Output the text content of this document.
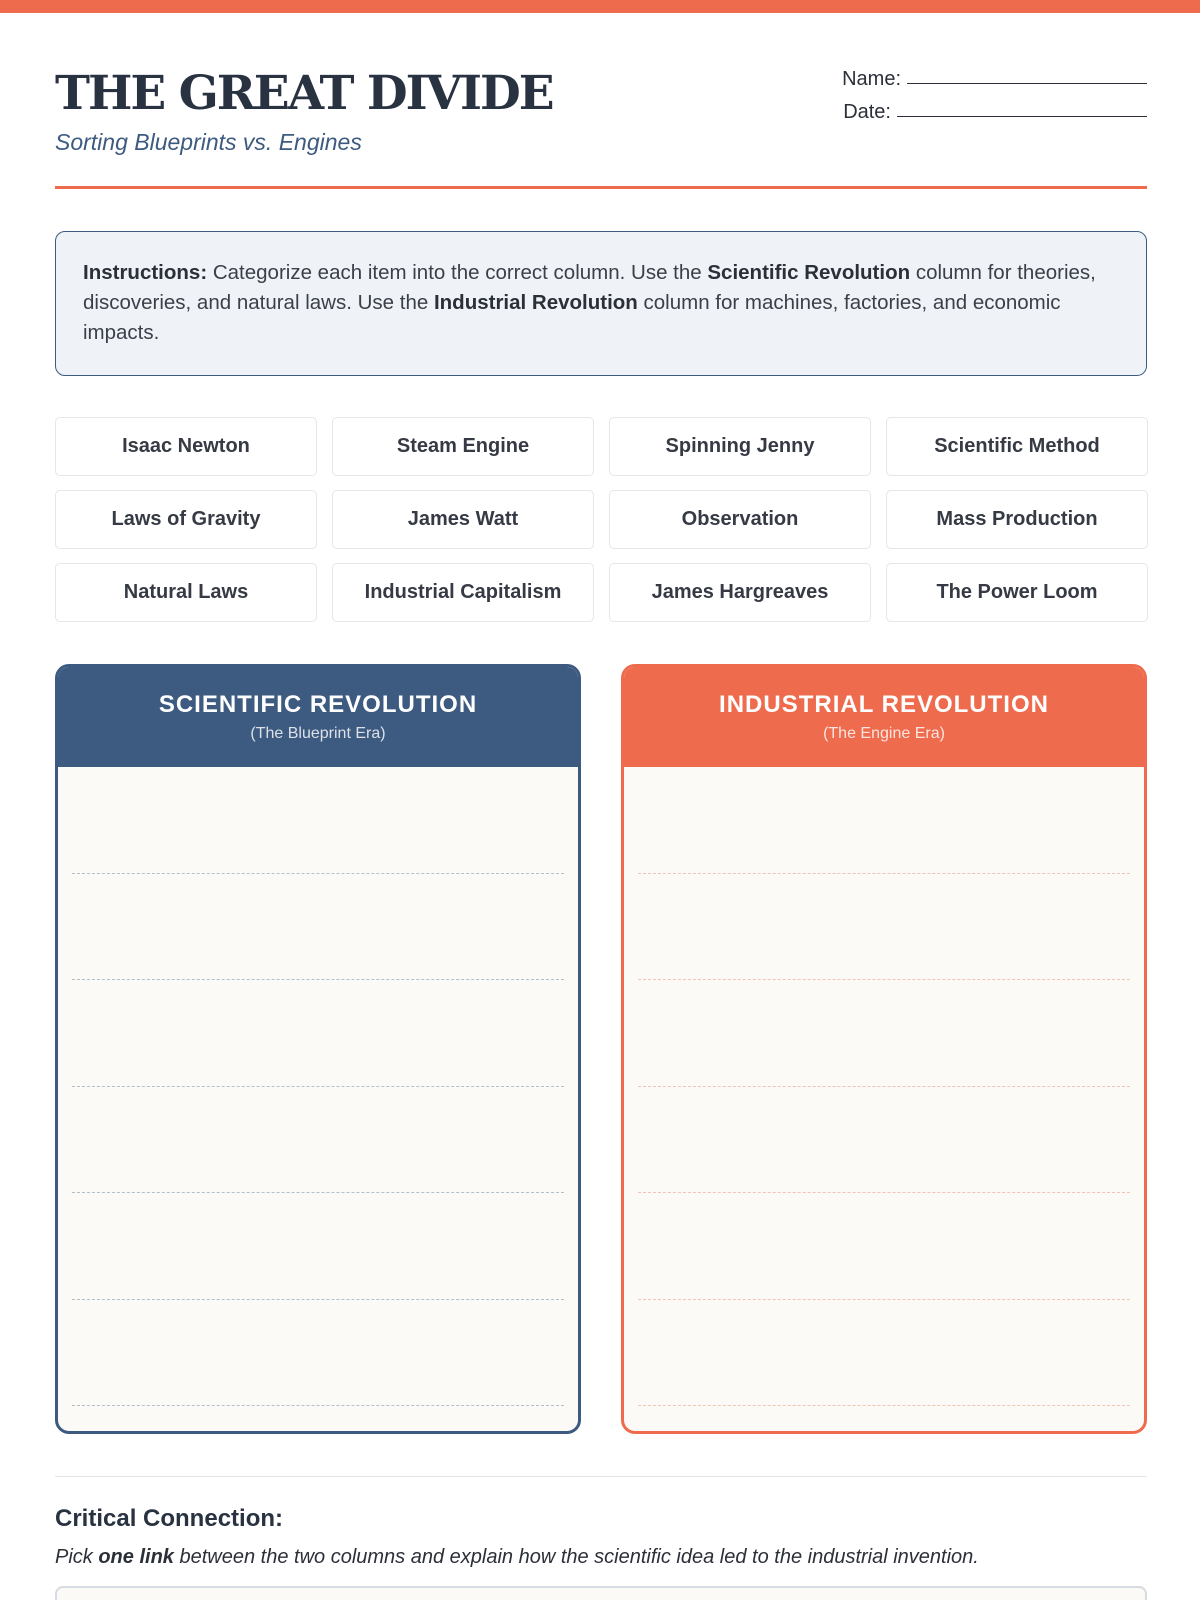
THE GREAT DIVIDE
Sorting Blueprints vs. Engines
Name:
Date:
Instructions: Categorize each item into the correct column. Use the Scientific Revolution column for theories, discoveries, and natural laws. Use the Industrial Revolution column for machines, factories, and economic impacts.
Isaac Newton	Steam Engine	Spinning Jenny	Scientific Method
Laws of Gravity	James Watt	Observation	Mass Production
Natural Laws	Industrial Capitalism	James Hargreaves	The Power Loom
SCIENTIFIC REVOLUTION
(The Blueprint Era)
INDUSTRIAL REVOLUTION
(The Engine Era)
Critical Connection:
Pick one link between the two columns and explain how the scientific idea led to the industrial invention.
